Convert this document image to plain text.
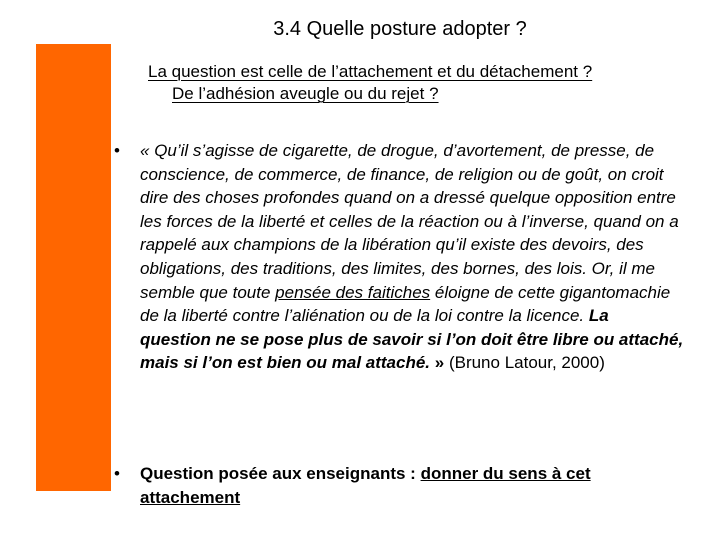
3.4 Quelle posture adopter ?
La question est celle de l’attachement et du détachement ?
De l’adhésion aveugle ou du rejet ?
•	« Qu’il s’agisse de cigarette, de drogue, d’avortement, de presse, de conscience, de commerce, de finance, de religion ou de goût, on croit dire des choses profondes quand on a dressé quelque opposition entre les forces de la liberté et celles de la réaction ou à l’inverse, quand on a rappelé aux champions de la libération qu’il existe des devoirs, des obligations, des traditions, des limites, des bornes, des lois. Or, il me semble que toute pensée des faitiches éloigne de cette gigantomachie de la liberté contre l’aliénation ou de la loi contre la licence. La question ne se pose plus de savoir si l’on doit être libre ou attaché, mais si l’on est bien ou mal attaché. » (Bruno Latour, 2000)
•	Question posée aux enseignants : donner du sens à cet attachement
